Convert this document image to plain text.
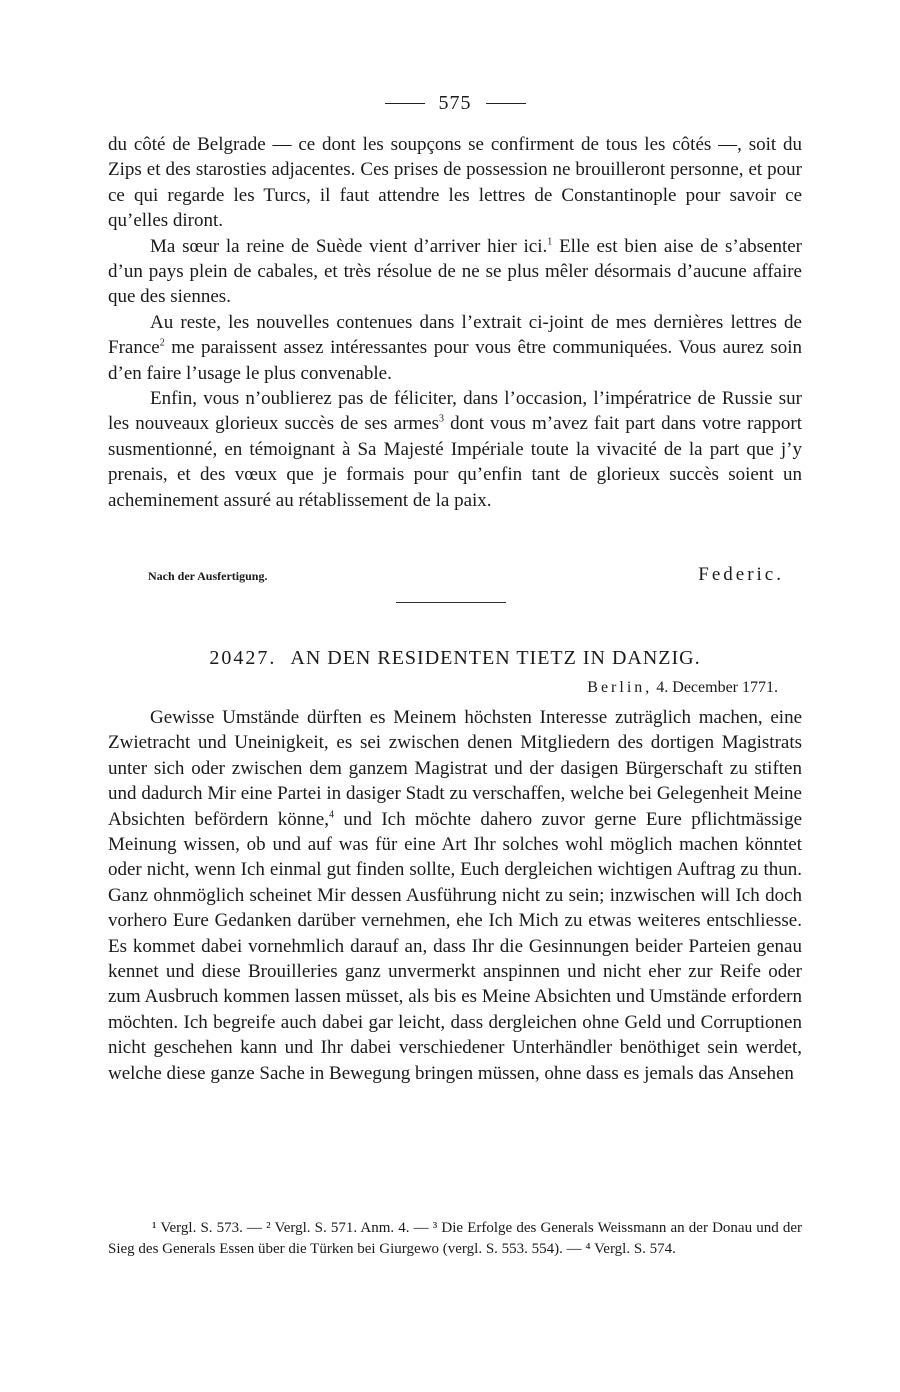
575

du côté de Belgrade — ce dont les soupçons se confirment de tous les côtés —, soit du Zips et des starosties adjacentes. Ces prises de possession ne brouilleront personne, et pour ce qui regarde les Turcs, il faut attendre les lettres de Constantinople pour savoir ce qu’elles diront.

Ma sœur la reine de Suède vient d’arriver hier ici.$^1$ Elle est bien aise de s’absenter d’un pays plein de cabales, et très résolue de ne se plus mêler désormais d’aucune affaire que des siennes.

Au reste, les nouvelles contenues dans l’extrait ci-joint de mes dernières lettres de France$^2$ me paraissent assez intéressantes pour vous être communiquées. Vous aurez soin d’en faire l’usage le plus convenable.

Enfin, vous n’oublierez pas de féliciter, dans l’occasion, l’impératrice de Russie sur les nouveaux glorieux succès de ses armes$^3$ dont vous m’avez fait part dans votre rapport susmentionné, en témoignant à Sa Majesté Impériale toute la vivacité de la part que j’y prenais, et des vœux que je formais pour qu’enfin tant de glorieux succès soient un acheminement assuré au rétablissement de la paix.

Nach der Ausfertigung.	Federic.
20427. AN DEN RESIDENTEN TIETZ IN DANZIG.
Berlin, 4. December 1771.

Gewisse Umstände dürften es Meinem höchsten Interesse zuträglich machen, eine Zwietracht und Uneinigkeit, es sei zwischen denen Mitgliedern des dortigen Magistrats unter sich oder zwischen dem ganzem Magistrat und der dasigen Bürgerschaft zu stiften und dadurch Mir eine Partei in dasiger Stadt zu verschaffen, welche bei Gelegenheit Meine Absichten befördern könne,$^4$ und Ich möchte dahero zuvor gerne Eure pflichtmässige Meinung wissen, ob und auf was für eine Art Ihr solches wohl möglich machen könntet oder nicht, wenn Ich einmal gut finden sollte, Euch dergleichen wichtigen Auftrag zu thun. Ganz ohnmöglich scheinet Mir dessen Ausführung nicht zu sein; inzwischen will Ich doch vorhero Eure Gedanken darüber vernehmen, ehe Ich Mich zu etwas weiteres entschliesse. Es kommet dabei vornehmlich darauf an, dass Ihr die Gesinnungen beider Parteien genau kennet und diese Brouilleries ganz unvermerkt anspinnen und nicht eher zur Reife oder zum Ausbruch kommen lassen müsset, als bis es Meine Absichten und Umstände erfordern möchten. Ich begreife auch dabei gar leicht, dass dergleichen ohne Geld und Corruptionen nicht geschehen kann und Ihr dabei verschiedener Unterhändler benöthiget sein werdet, welche diese ganze Sache in Bewegung bringen müssen, ohne dass es jemals das Ansehen

¹ Vergl. S. 573. — ² Vergl. S. 571. Anm. 4. — ³ Die Erfolge des Generals Weissmann an der Donau und der Sieg des Generals Essen über die Türken bei Giurgewo (vergl. S. 553. 554). — ⁴ Vergl. S. 574.
